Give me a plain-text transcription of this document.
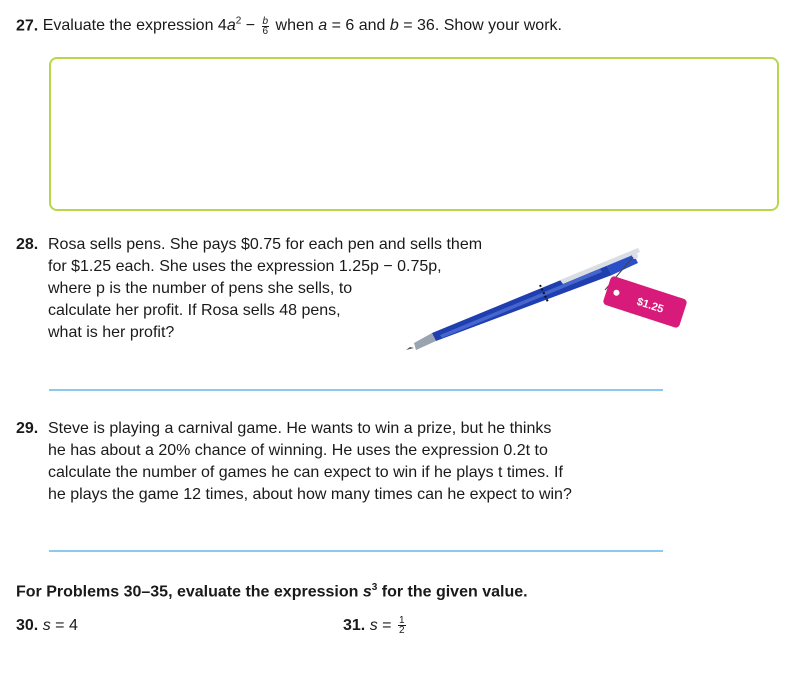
27. Evaluate the expression $4a^2 - \frac{b}{6}$ when a = 6 and b = 36. Show your work.
28. Rosa sells pens. She pays $0.75 for each pen and sells them
for $1.25 each. She uses the expression 1.25p − 0.75p,
where p is the number of pens she sells, to
calculate her profit. If Rosa sells 48 pens,
what is her profit?
$1.25
29. Steve is playing a carnival game. He wants to win a prize, but he thinks
he has about a 20% chance of winning. He uses the expression 0.2t to
calculate the number of games he can expect to win if he plays t times. If
he plays the game 12 times, about how many times can he expect to win?
For Problems 30–35, evaluate the expression $s^3$ for the given value.
30. s = 4	31. $s = \frac{1}{2}$
